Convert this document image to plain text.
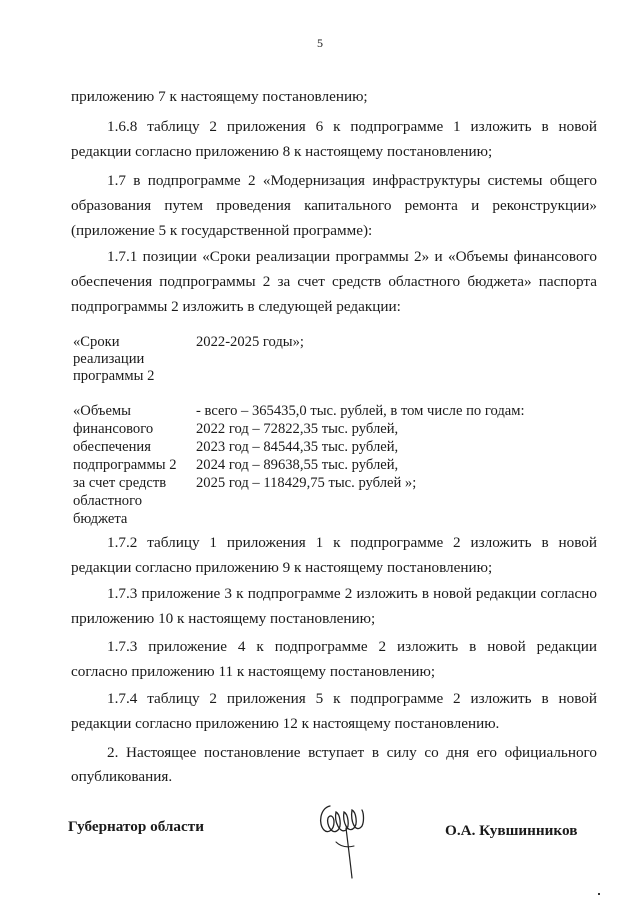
5
приложению 7 к настоящему постановлению;
1.6.8 таблицу 2 приложения 6 к подпрограмме 1 изложить в новой
редакции согласно приложению 8 к настоящему постановлению;
1.7 в подпрограмме 2 «Модернизация инфраструктуры системы общего
образования путем проведения капитального ремонта и реконструкции»
(приложение 5 к государственной программе):
1.7.1 позиции «Сроки реализации программы 2» и «Объемы финансового
обеспечения подпрограммы 2 за счет средств областного бюджета» паспорта
подпрограммы 2 изложить в следующей редакции:
«Сроки
реализации
программы 2
2022-2025 годы»;
«Объемы
финансового
обеспечения
подпрограммы 2
за счет средств
областного
бюджета
- всего – 365435,0 тыс. рублей, в том числе по годам:
2022 год – 72822,35 тыс. рублей,
2023 год – 84544,35 тыс. рублей,
2024 год – 89638,55 тыс. рублей,
2025 год – 118429,75 тыс. рублей »;
1.7.2 таблицу 1 приложения 1 к подпрограмме 2 изложить в новой
редакции согласно приложению 9 к настоящему постановлению;
1.7.3 приложение 3 к подпрограмме 2 изложить в новой редакции согласно
приложению 10 к настоящему постановлению;
1.7.3 приложение 4 к подпрограмме 2 изложить в новой редакции
согласно приложению 11 к настоящему постановлению;
1.7.4 таблицу 2 приложения 5 к подпрограмме 2 изложить в новой
редакции согласно приложению 12 к настоящему постановлению.
2. Настоящее постановление вступает в силу со дня его официального
опубликования.
Губернатор области	О.А. Кувшинников
